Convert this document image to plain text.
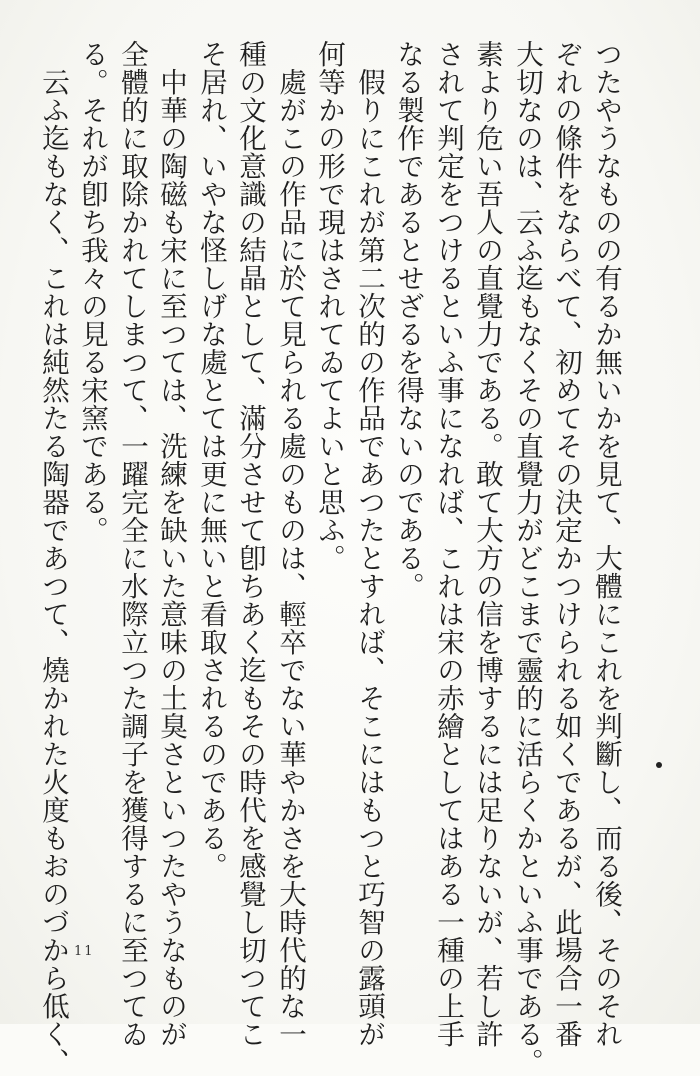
つたやうなものの有るか無いかを見て、大體にこれを判斷し、而る後、そのそれ
ぞれの條件をならべて、初めてその決定かつけられる如くであるが、此場合一番
大切なのは、云ふ迄もなくその直覺力がどこまで靈的に活らくかといふ事である。
素より危い吾人の直覺力である。敢て大方の信を博するには足りないが、若し許
されて判定をつけるといふ事になれば、これは宋の赤繪としてはある一種の上手
なる製作であるとせざるを得ないのである。
　假りにこれが第二次的の作品であつたとすれば、そこにはもつと巧智の露頭が
何等かの形で現はされてゐてよいと思ふ。
　處がこの作品に於て見られる處のものは、輕卒でない華やかさを大時代的な一
種の文化意識の結晶として、滿分させて卽ちあく迄もその時代を感覺し切つてこ
そ居れ、いやな怪しげな處とては更に無いと看取されるのである。
　中華の陶磁も宋に至つては、洗練を缺いた意味の土臭さといつたやうなものが
全體的に取除かれてしまつて、一躍完全に水際立つた調子を獲得するに至つてゐ
る。それが卽ち我々の見る宋窯である。
　云ふ迄もなく、これは純然たる陶器であつて、燒かれた火度もおのづから低く、 11
